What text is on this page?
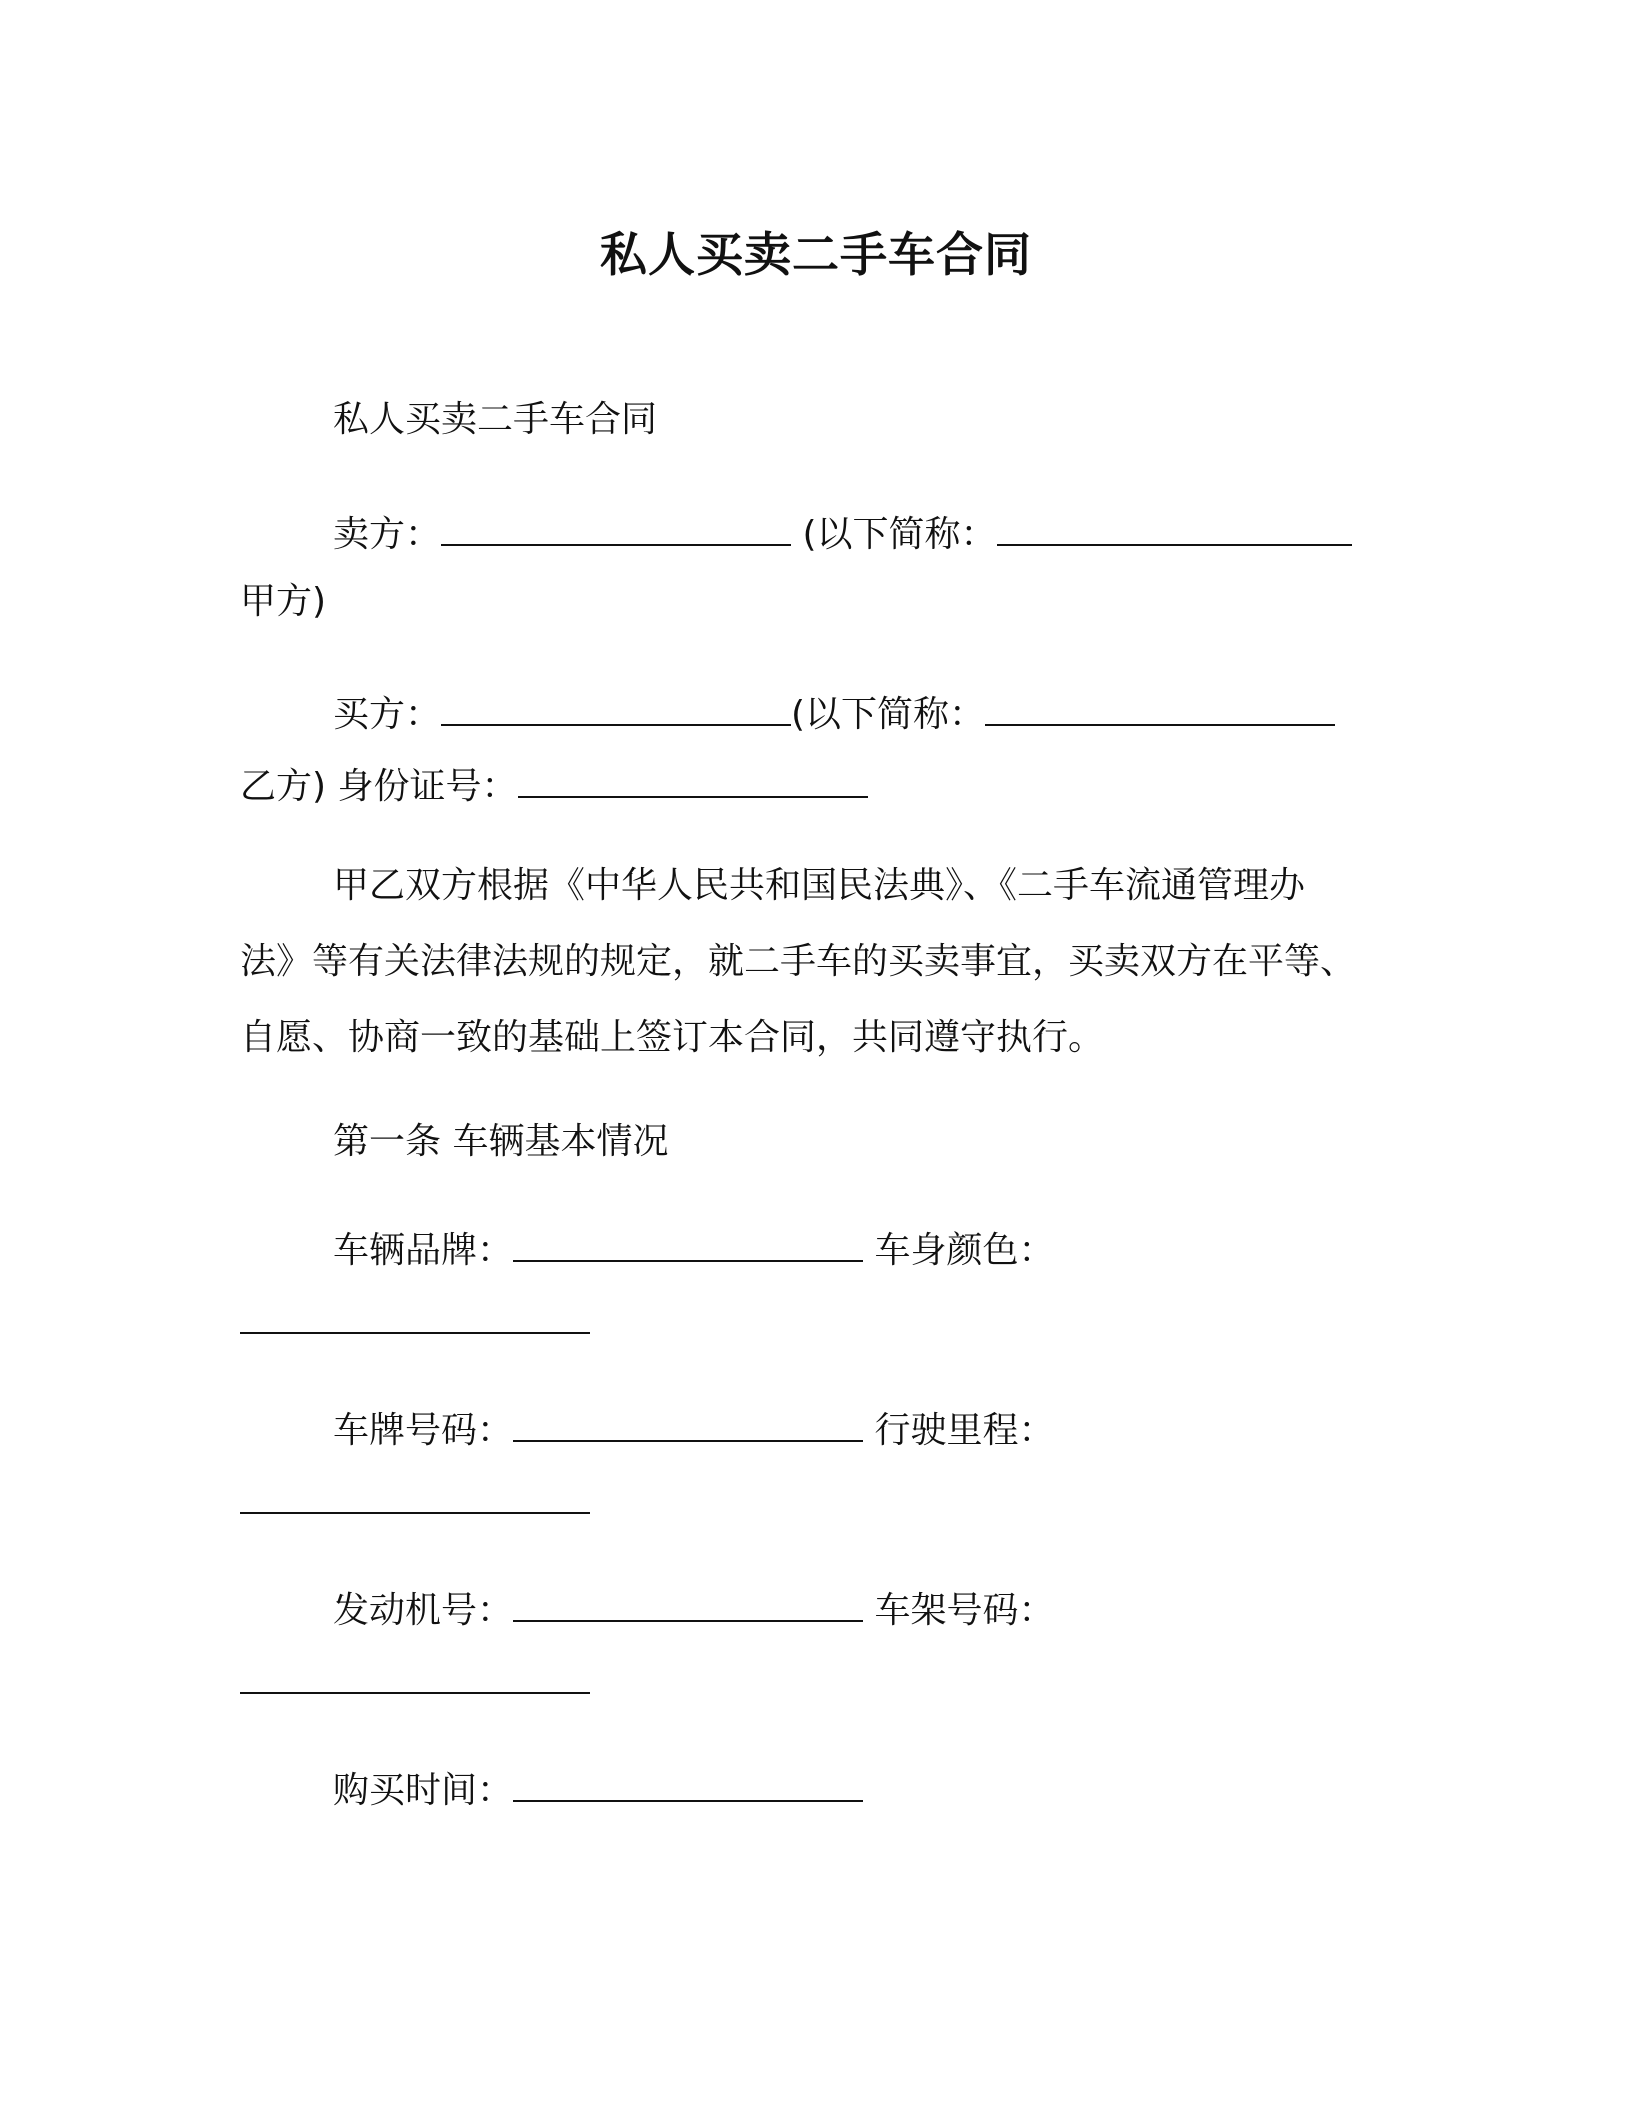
私人买卖二手车合同
私人买卖二手车合同
卖方：	(以下简称：
甲方)
买方：	(以下简称：
乙方) 身份证号：
甲乙双方根据《中华人民共和国民法典》、《二手车流通管理办
法》等有关法律法规的规定，就二手车的买卖事宜，买卖双方在平等、
自愿、协商一致的基础上签订本合同，共同遵守执行。
第一条 车辆基本情况
车辆品牌：	车身颜色：
车牌号码：	行驶里程：
发动机号：	车架号码：
购买时间：
